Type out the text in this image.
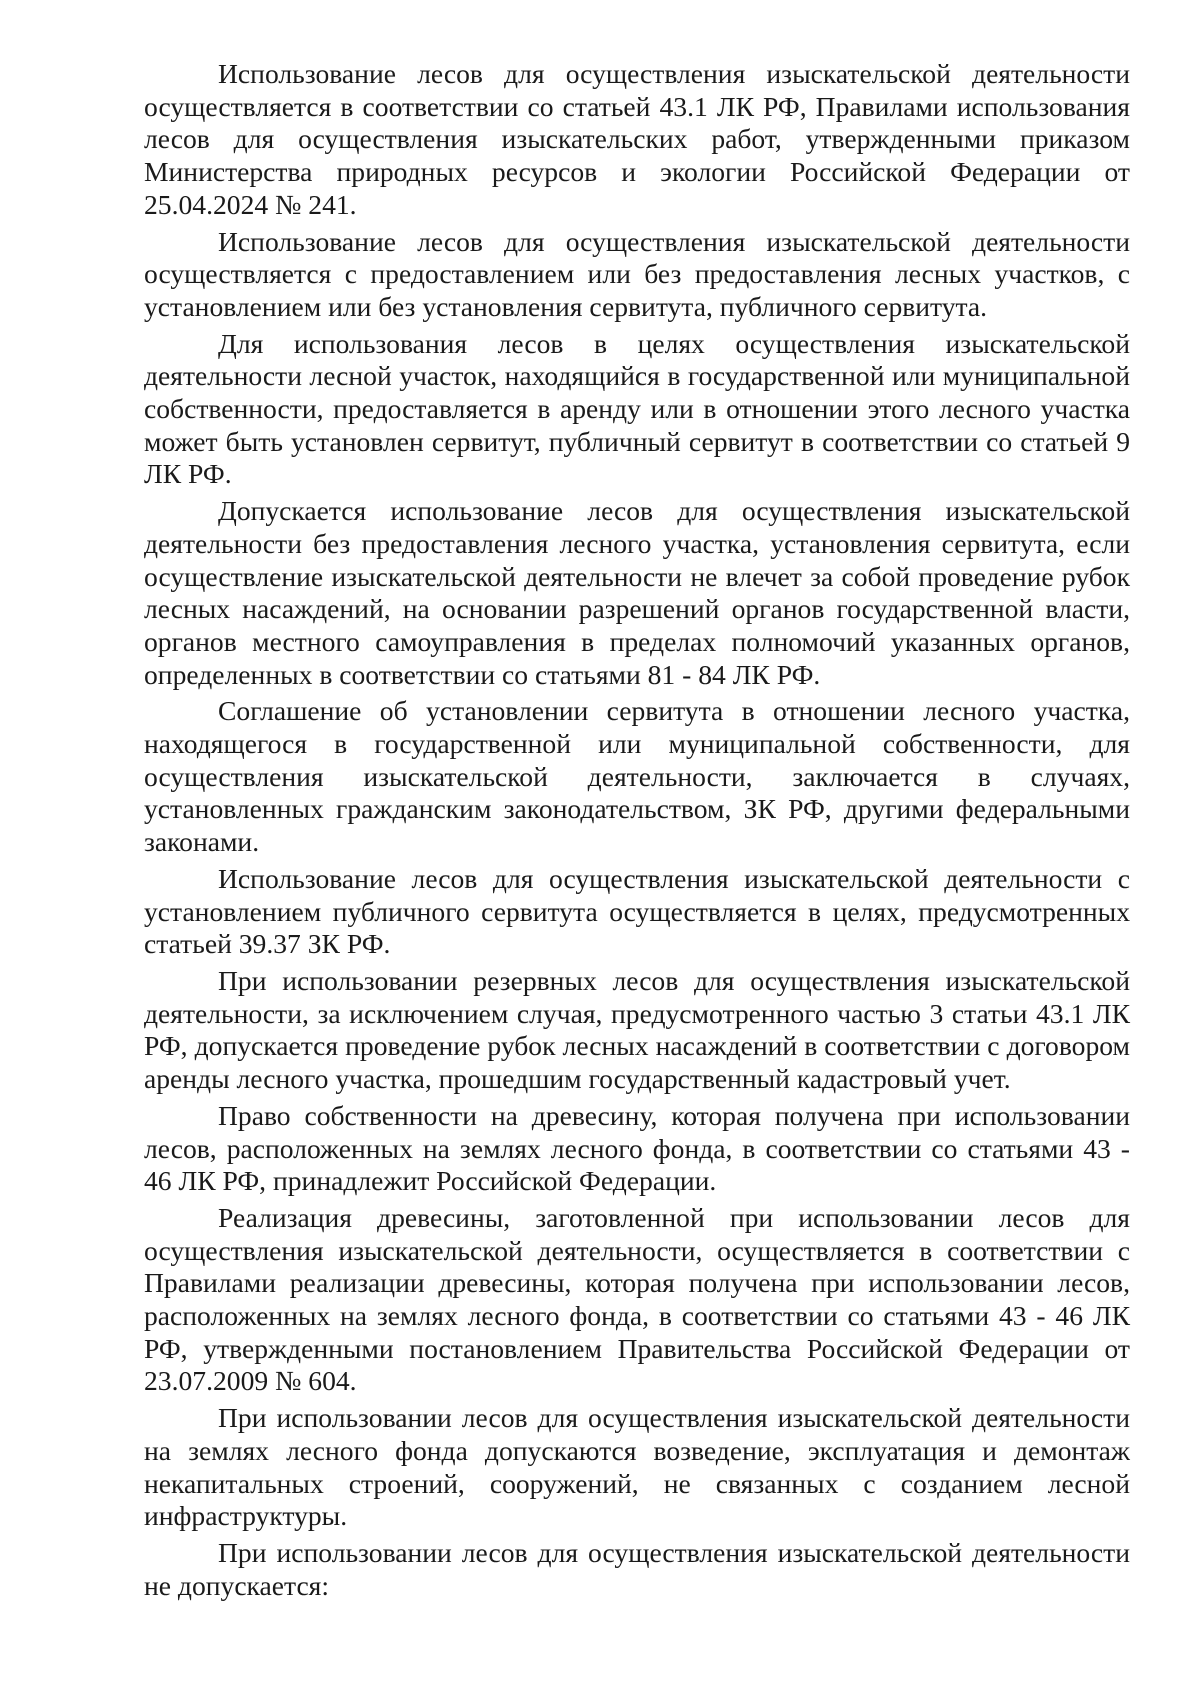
Использование лесов для осуществления изыскательской деятельности осуществляется в соответствии со статьей 43.1 ЛК РФ, Правилами использования лесов для осуществления изыскательских работ, утвержденными приказом Министерства природных ресурсов и экологии Российской Федерации от 25.04.2024 № 241.

Использование лесов для осуществления изыскательской деятельности осуществляется с предоставлением или без предоставления лесных участков, с установлением или без установления сервитута, публичного сервитута.

Для использования лесов в целях осуществления изыскательской деятельности лесной участок, находящийся в государственной или муниципальной собственности, предоставляется в аренду или в отношении этого лесного участка может быть установлен сервитут, публичный сервитут в соответствии со статьей 9 ЛК РФ.

Допускается использование лесов для осуществления изыскательской деятельности без предоставления лесного участка, установления сервитута, если осуществление изыскательской деятельности не влечет за собой проведение рубок лесных насаждений, на основании разрешений органов государственной власти, органов местного самоуправления в пределах полномочий указанных органов, определенных в соответствии со статьями 81 - 84 ЛК РФ.

Соглашение об установлении сервитута в отношении лесного участка, находящегося в государственной или муниципальной собственности, для осуществления изыскательской деятельности, заключается в случаях, установленных гражданским законодательством, ЗК РФ, другими федеральными законами.

Использование лесов для осуществления изыскательской деятельности с установлением публичного сервитута осуществляется в целях, предусмотренных статьей 39.37 ЗК РФ.

При использовании резервных лесов для осуществления изыскательской деятельности, за исключением случая, предусмотренного частью 3 статьи 43.1 ЛК РФ, допускается проведение рубок лесных насаждений в соответствии с договором аренды лесного участка, прошедшим государственный кадастровый учет.

Право собственности на древесину, которая получена при использовании лесов, расположенных на землях лесного фонда, в соответствии со статьями 43 - 46 ЛК РФ, принадлежит Российской Федерации.

Реализация древесины, заготовленной при использовании лесов для осуществления изыскательской деятельности, осуществляется в соответствии с Правилами реализации древесины, которая получена при использовании лесов, расположенных на землях лесного фонда, в соответствии со статьями 43 - 46 ЛК РФ, утвержденными постановлением Правительства Российской Федерации от 23.07.2009 № 604.

При использовании лесов для осуществления изыскательской деятельности на землях лесного фонда допускаются возведение, эксплуатация и демонтаж некапитальных строений, сооружений, не связанных с созданием лесной инфраструктуры.

При использовании лесов для осуществления изыскательской деятельности не допускается:
